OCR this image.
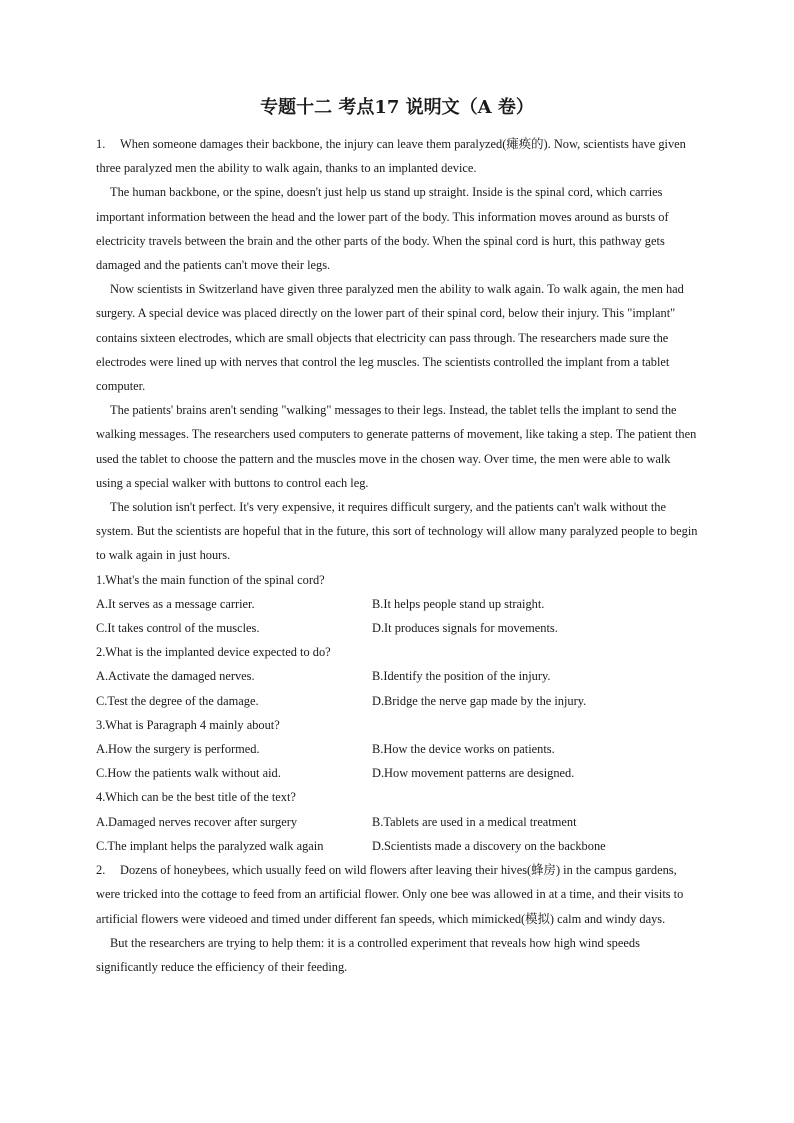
专题十二 考点17 说明文（A 卷）

1. When someone damages their backbone, the injury can leave them paralyzed(瘫痪的). Now, scientists have given three paralyzed men the ability to walk again, thanks to an implanted device.

The human backbone, or the spine, doesn't just help us stand up straight. Inside is the spinal cord, which carries important information between the head and the lower part of the body. This information moves around as bursts of electricity travels between the brain and the other parts of the body. When the spinal cord is hurt, this pathway gets damaged and the patients can't move their legs.

Now scientists in Switzerland have given three paralyzed men the ability to walk again. To walk again, the men had surgery. A special device was placed directly on the lower part of their spinal cord, below their injury. This "implant" contains sixteen electrodes, which are small objects that electricity can pass through. The researchers made sure the electrodes were lined up with nerves that control the leg muscles. The scientists controlled the implant from a tablet computer.

The patients' brains aren't sending "walking" messages to their legs. Instead, the tablet tells the implant to send the walking messages. The researchers used computers to generate patterns of movement, like taking a step. The patient then used the tablet to choose the pattern and the muscles move in the chosen way. Over time, the men were able to walk using a special walker with buttons to control each leg.

The solution isn't perfect. It's very expensive, it requires difficult surgery, and the patients can't walk without the system. But the scientists are hopeful that in the future, this sort of technology will allow many paralyzed people to begin to walk again in just hours.

1.What's the main function of the spinal cord?

A.It serves as a message carrier.	B.It helps people stand up straight.
C.It takes control of the muscles.	D.It produces signals for movements.

2.What is the implanted device expected to do?

A.Activate the damaged nerves.	B.Identify the position of the injury.
C.Test the degree of the damage.	D.Bridge the nerve gap made by the injury.

3.What is Paragraph 4 mainly about?

A.How the surgery is performed.	B.How the device works on patients.
C.How the patients walk without aid.	D.How movement patterns are designed.

4.Which can be the best title of the text?

A.Damaged nerves recover after surgery	B.Tablets are used in a medical treatment
C.The implant helps the paralyzed walk again	D.Scientists made a discovery on the backbone

2. Dozens of honeybees, which usually feed on wild flowers after leaving their hives(蜂房) in the campus gardens, were tricked into the cottage to feed from an artificial flower. Only one bee was allowed in at a time, and their visits to artificial flowers were videoed and timed under different fan speeds, which mimicked(模拟) calm and windy days.

But the researchers are trying to help them: it is a controlled experiment that reveals how high wind speeds significantly reduce the efficiency of their feeding.
